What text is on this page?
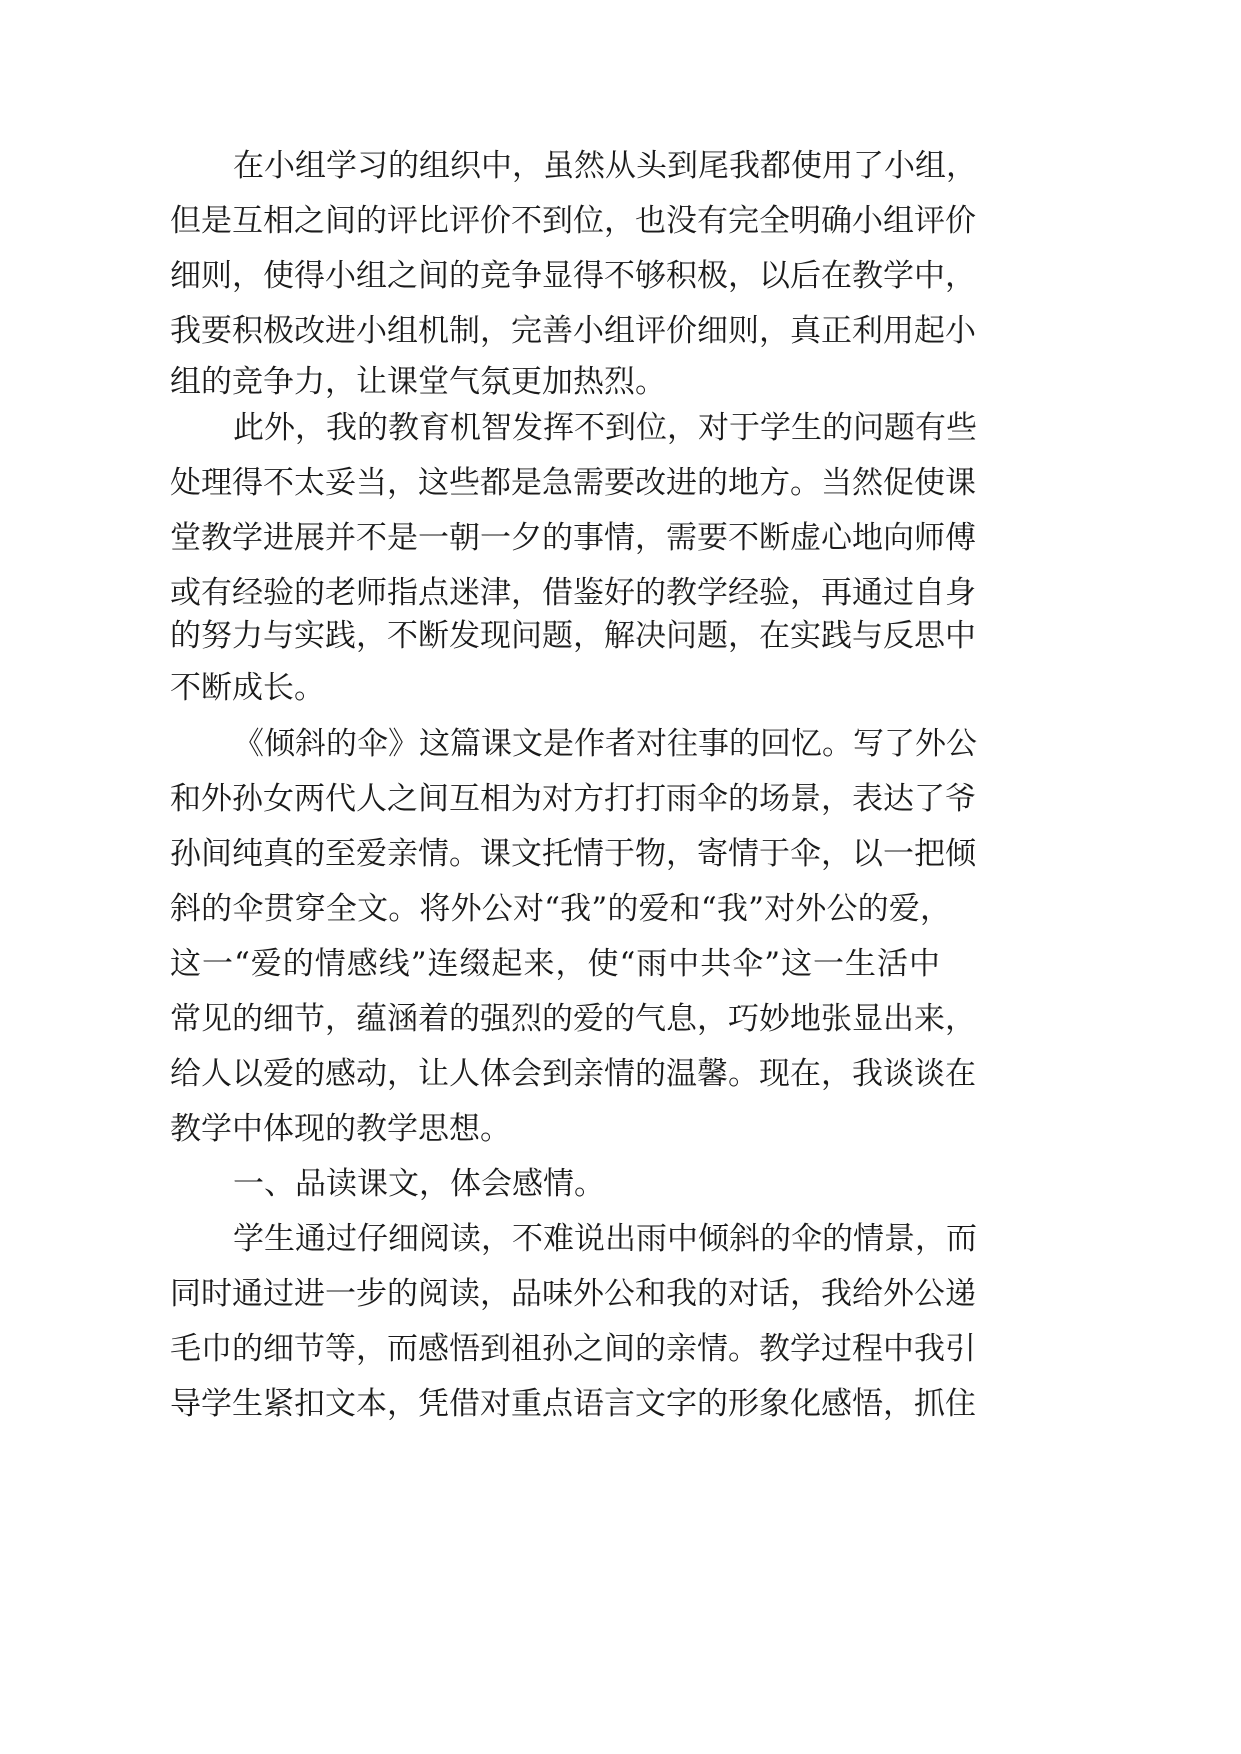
在小组学习的组织中，虽然从头到尾我都使用了小组，
但是互相之间的评比评价不到位，也没有完全明确小组评价
细则，使得小组之间的竞争显得不够积极，以后在教学中，
我要积极改进小组机制，完善小组评价细则，真正利用起小
组的竞争力，让课堂气氛更加热烈。
此外，我的教育机智发挥不到位，对于学生的问题有些
处理得不太妥当，这些都是急需要改进的地方。当然促使课
堂教学进展并不是一朝一夕的事情，需要不断虚心地向师傅
或有经验的老师指点迷津，借鉴好的教学经验，再通过自身
的努力与实践，不断发现问题，解决问题，在实践与反思中
不断成长。
《倾斜的伞》这篇课文是作者对往事的回忆。写了外公
和外孙女两代人之间互相为对方打打雨伞的场景，表达了爷
孙间纯真的至爱亲情。课文托情于物，寄情于伞，以一把倾
斜的伞贯穿全文。将外公对“我”的爱和“我”对外公的爱，
这一“爱的情感线”连缀起来，使“雨中共伞”这一生活中
常见的细节，蕴涵着的强烈的爱的气息，巧妙地张显出来，
给人以爱的感动，让人体会到亲情的温馨。现在，我谈谈在
教学中体现的教学思想。
一、品读课文，体会感情。
学生通过仔细阅读，不难说出雨中倾斜的伞的情景，而
同时通过进一步的阅读，品味外公和我的对话，我给外公递
毛巾的细节等，而感悟到祖孙之间的亲情。教学过程中我引
导学生紧扣文本，凭借对重点语言文字的形象化感悟，抓住
